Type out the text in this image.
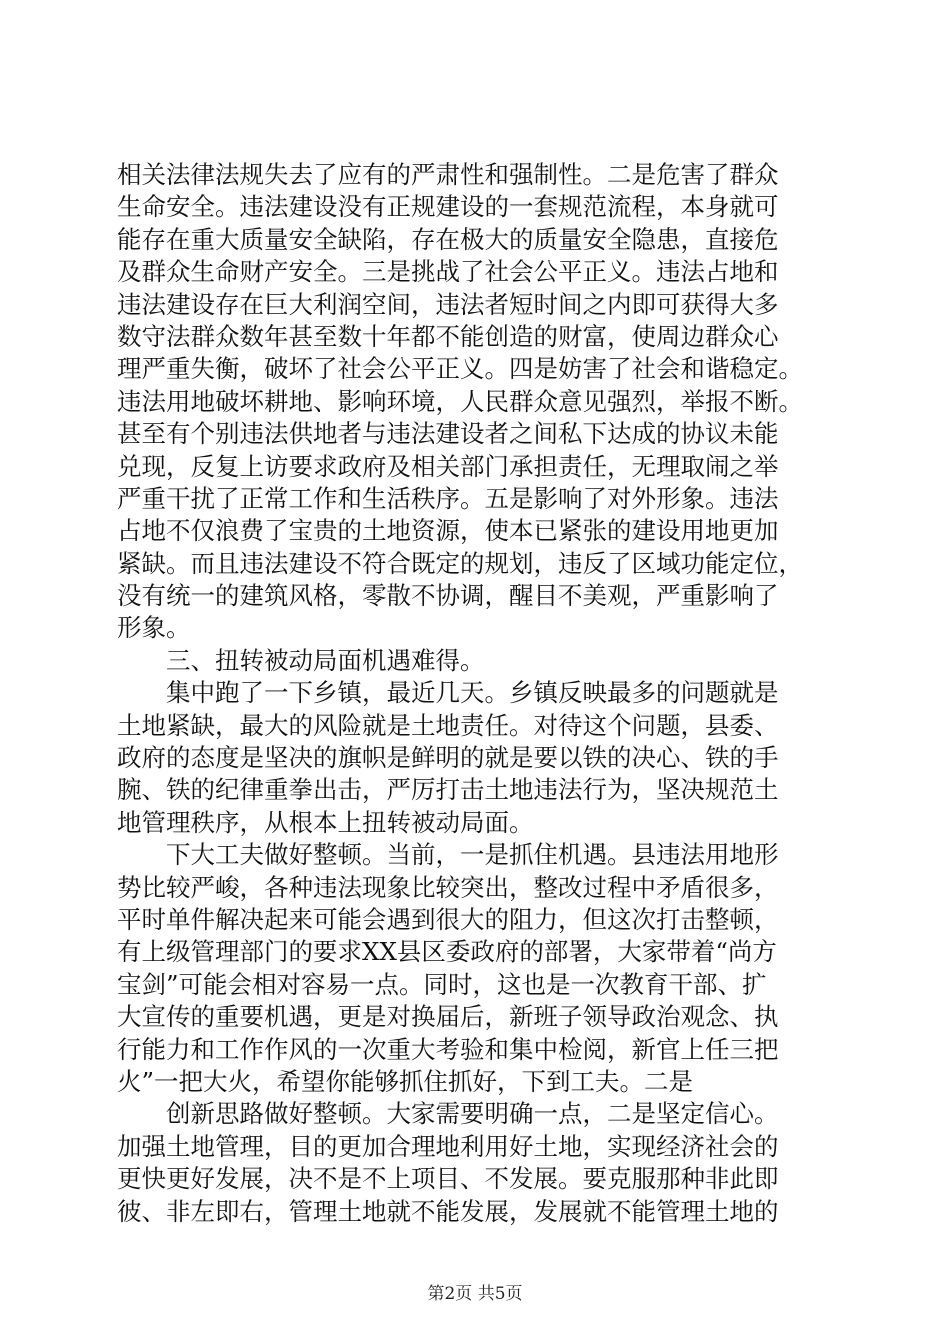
相关法律法规失去了应有的严肃性和强制性。二是危害了群众
生命安全。违法建设没有正规建设的一套规范流程，本身就可
能存在重大质量安全缺陷，存在极大的质量安全隐患，直接危
及群众生命财产安全。三是挑战了社会公平正义。违法占地和
违法建设存在巨大利润空间，违法者短时间之内即可获得大多
数守法群众数年甚至数十年都不能创造的财富，使周边群众心
理严重失衡，破坏了社会公平正义。四是妨害了社会和谐稳定。
违法用地破坏耕地、影响环境，人民群众意见强烈，举报不断。
甚至有个别违法供地者与违法建设者之间私下达成的协议未能
兑现，反复上访要求政府及相关部门承担责任，无理取闹之举
严重干扰了正常工作和生活秩序。五是影响了对外形象。违法
占地不仅浪费了宝贵的土地资源，使本已紧张的建设用地更加
紧缺。而且违法建设不符合既定的规划，违反了区域功能定位，
没有统一的建筑风格，零散不协调，醒目不美观，严重影响了
形象。
三、扭转被动局面机遇难得。
集中跑了一下乡镇，最近几天。乡镇反映最多的问题就是
土地紧缺，最大的风险就是土地责任。对待这个问题，县委、
政府的态度是坚决的旗帜是鲜明的就是要以铁的决心、铁的手
腕、铁的纪律重拳出击，严厉打击土地违法行为，坚决规范土
地管理秩序，从根本上扭转被动局面。
下大工夫做好整顿。当前，一是抓住机遇。县违法用地形
势比较严峻，各种违法现象比较突出，整改过程中矛盾很多，
平时单件解决起来可能会遇到很大的阻力，但这次打击整顿，
有上级管理部门的要求XX县区委政府的部署，大家带着“尚方
宝剑”可能会相对容易一点。同时，这也是一次教育干部、扩
大宣传的重要机遇，更是对换届后，新班子领导政治观念、执
行能力和工作作风的一次重大考验和集中检阅，新官上任三把
火”一把大火，希望你能够抓住抓好，下到工夫。二是
创新思路做好整顿。大家需要明确一点，二是坚定信心。
加强土地管理，目的更加合理地利用好土地，实现经济社会的
更快更好发展，决不是不上项目、不发展。要克服那种非此即
彼、非左即右，管理土地就不能发展，发展就不能管理土地的
第2页 共5页
